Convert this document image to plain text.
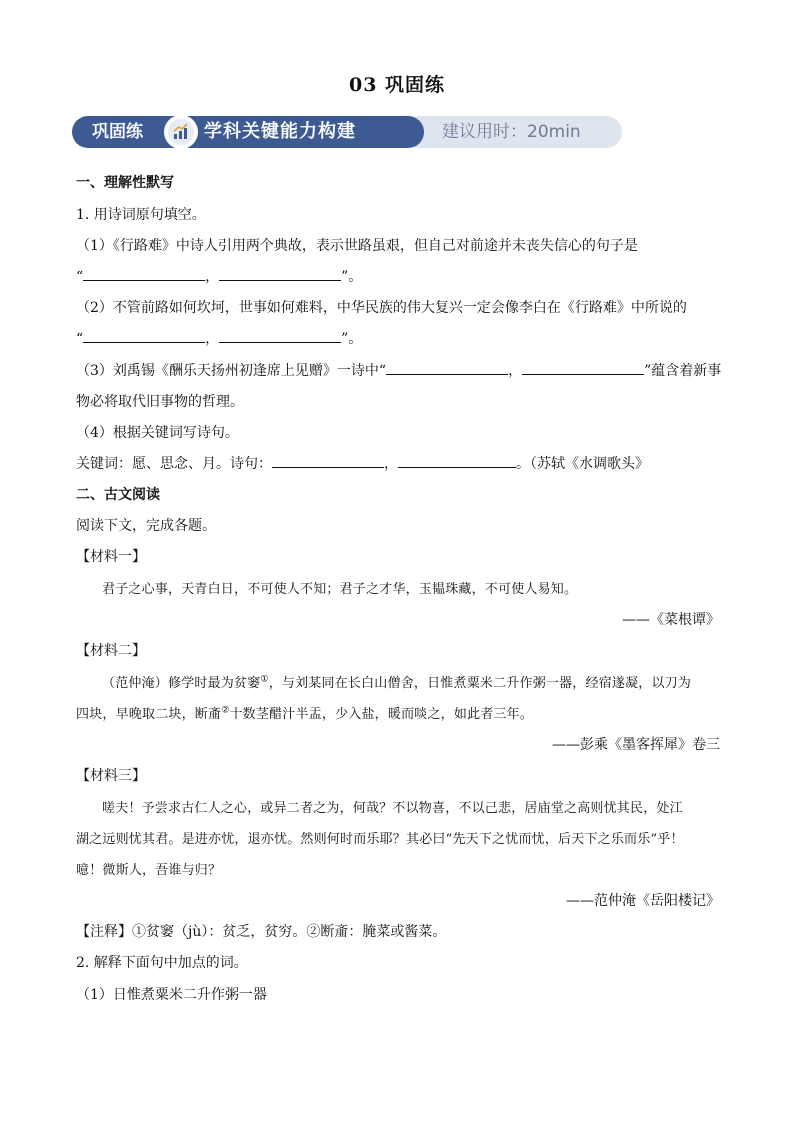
03 巩固练
巩固练	学科关键能力构建	建议用时：20min
一、理解性默写
1. 用诗词原句填空。
（1）《行路难》中诗人引用两个典故，表示世路虽艰，但自己对前途并未丧失信心的句子是
“	，	”。
（2）不管前路如何坎坷，世事如何难料，中华民族的伟大复兴一定会像李白在《行路难》中所说的
“	，	”。
（3）刘禹锡《酬乐天扬州初逢席上见赠》一诗中“	，	”蕴含着新事
物必将取代旧事物的哲理。
（4）根据关键词写诗句。
关键词：愿、思念、月。诗句：	，	。（苏轼《水调歌头》
二、古文阅读
阅读下文，完成各题。
【材料一】
君子之心事，天青白日，不可使人不知；君子之才华，玉韫珠藏，不可使人易知。
——《菜根谭》
【材料二】
（范仲淹）修学时最为贫窭①，与刘某同在长白山僧舍，日惟煮粟米二升作粥一器，经宿遂凝，以刀为
四块，早晚取二块，断齑②十数茎醋汁半盂，少入盐，暖而啖之，如此者三年。
——彭乘《墨客挥犀》卷三
【材料三】
嗟夫！予尝求古仁人之心，或异二者之为，何哉？不以物喜，不以己悲，居庙堂之高则忧其民，处江
湖之远则忧其君。是进亦忧，退亦忧。然则何时而乐耶？其必曰“先天下之忧而忧，后天下之乐而乐”乎！
噫！微斯人，吾谁与归？
——范仲淹《岳阳楼记》
【注释】①贫窭（jù）：贫乏，贫穷。②断齑：腌菜或酱菜。
2. 解释下面句中加点的词。
（1）日惟煮粟米二升作粥一器
